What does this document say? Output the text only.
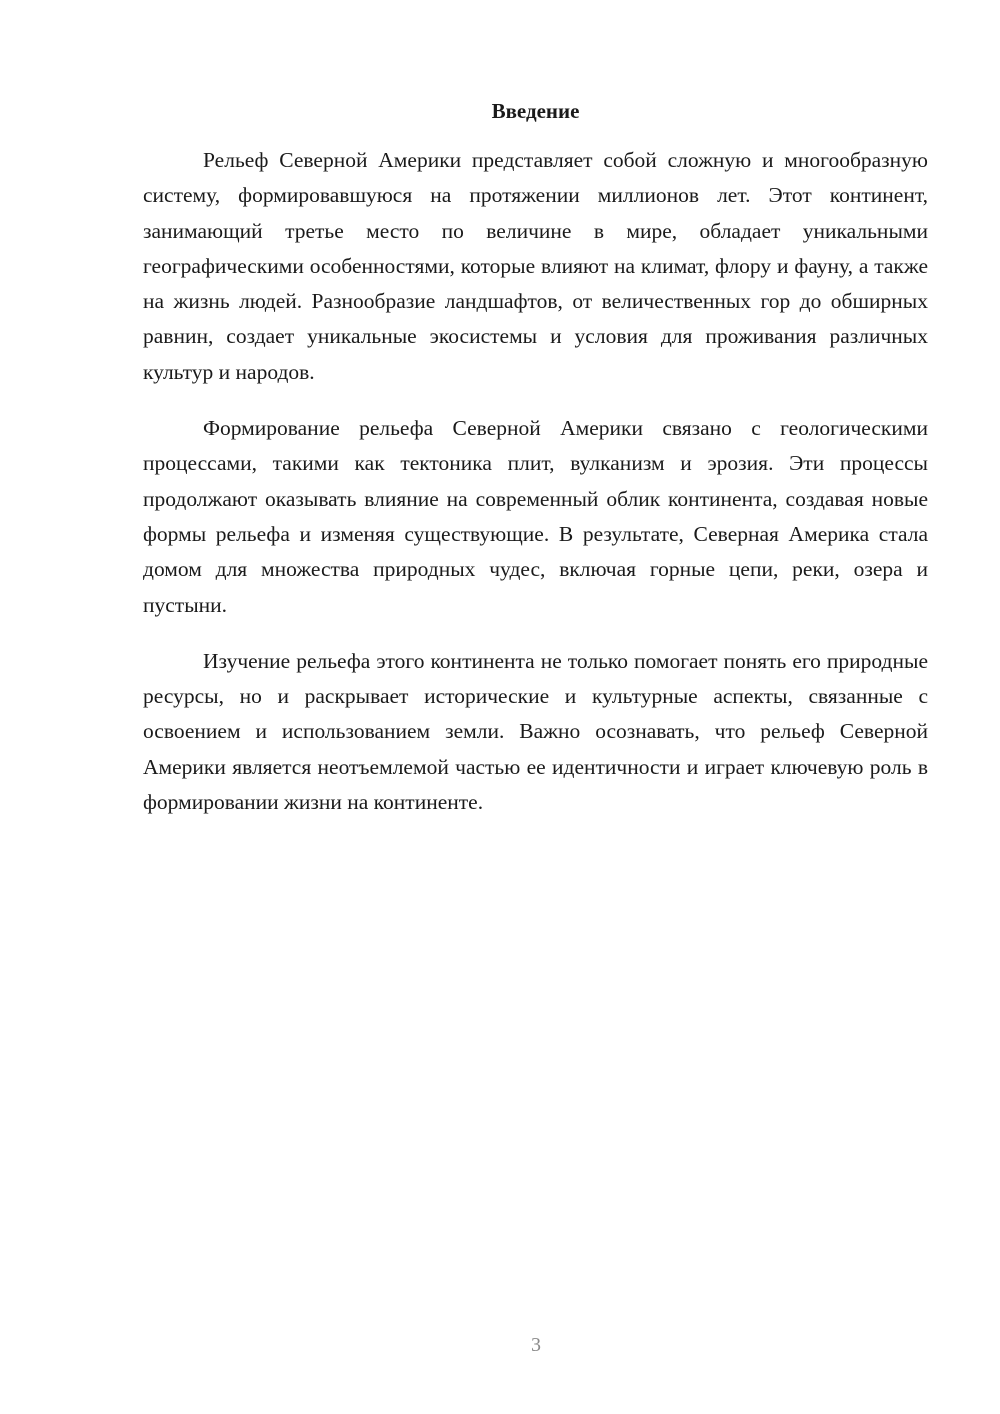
Введение

Рельеф Северной Америки представляет собой сложную и многообразную систему, формировавшуюся на протяжении миллионов лет. Этот континент, занимающий третье место по величине в мире, обладает уникальными географическими особенностями, которые влияют на климат, флору и фауну, а также на жизнь людей. Разнообразие ландшафтов, от величественных гор до обширных равнин, создает уникальные экосистемы и условия для проживания различных культур и народов.

Формирование рельефа Северной Америки связано с геологическими процессами, такими как тектоника плит, вулканизм и эрозия. Эти процессы продолжают оказывать влияние на современный облик континента, создавая новые формы рельефа и изменяя существующие. В результате, Северная Америка стала домом для множества природных чудес, включая горные цепи, реки, озера и пустыни.

Изучение рельефа этого континента не только помогает понять его природные ресурсы, но и раскрывает исторические и культурные аспекты, связанные с освоением и использованием земли. Важно осознавать, что рельеф Северной Америки является неотъемлемой частью ее идентичности и играет ключевую роль в формировании жизни на континенте.

3
